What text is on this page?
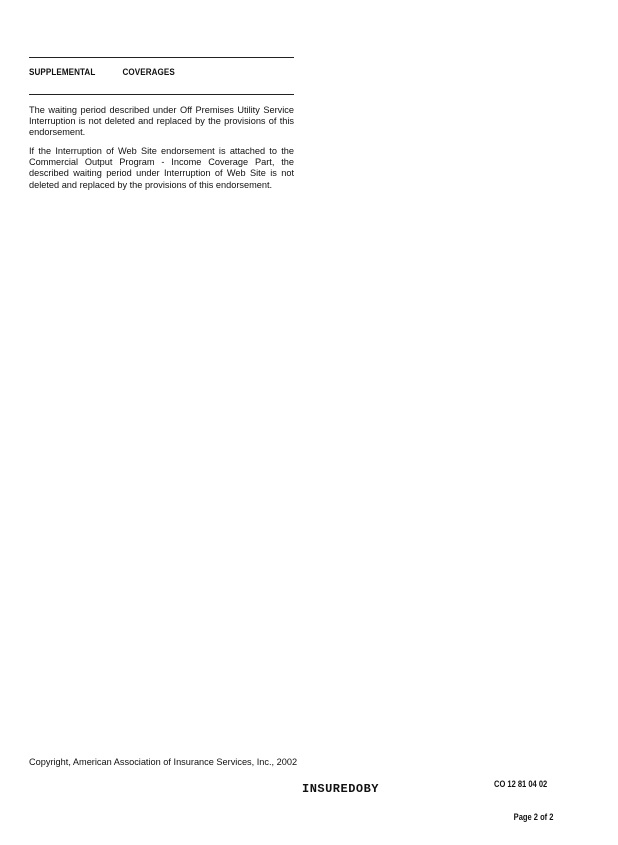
SUPPLEMENTAL	COVERAGES

The waiting period described under Off Premises Utility Service Interruption is not deleted and replaced by the provisions of this endorsement.

If the Interruption of Web Site endorsement is attached to the Commercial Output Program - Income Coverage Part, the described waiting period under Interruption of Web Site is not deleted and replaced by the provisions of this endorsement.

Copyright, American Association of Insurance Services, Inc., 2002

CO 12 81 04 02

Page 2 of 2

INSUREDOBY
